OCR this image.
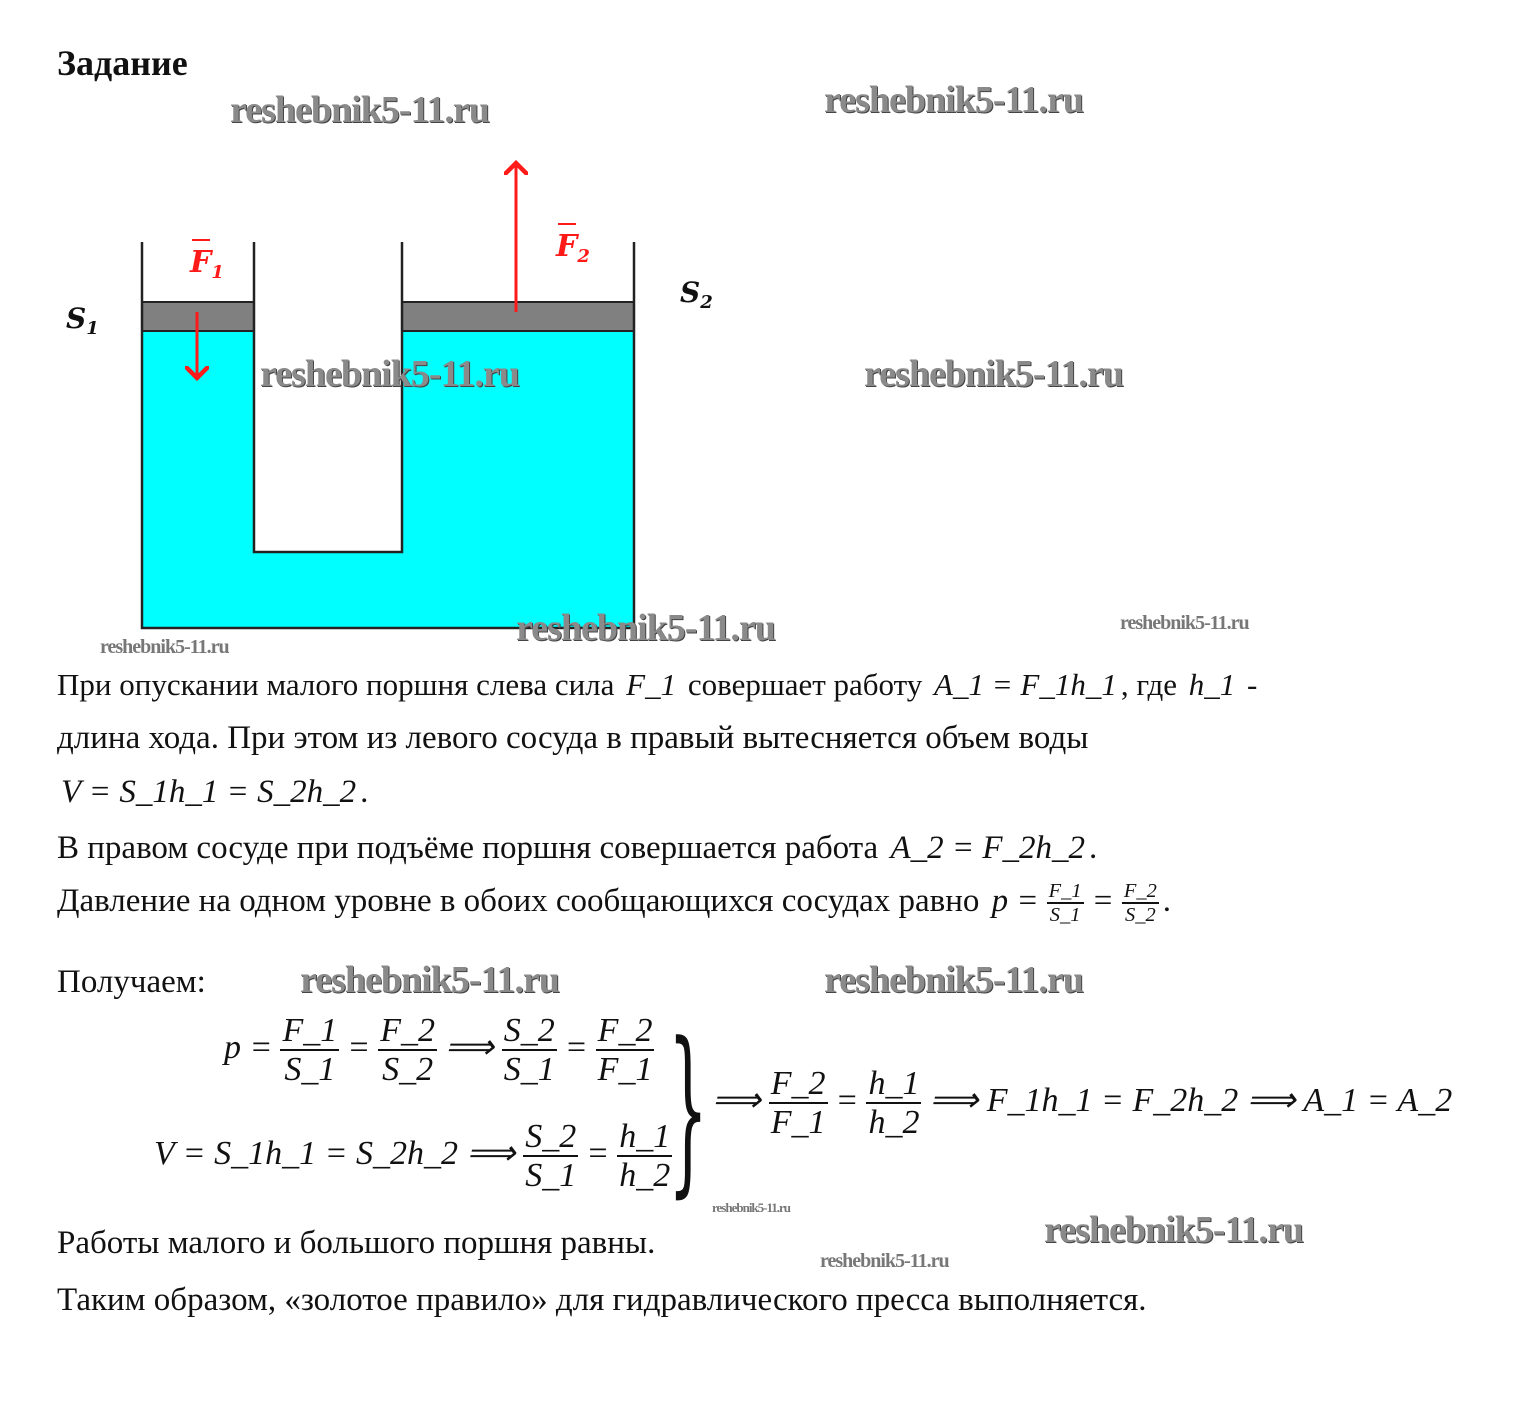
Задание
$F_1$
$F_2$
$S_1$
$S_2$
При опускании малого поршня слева сила F_1 совершает работу A_1 = F_1h_1 , где h_1 -
длина хода. При этом из левого сосуда в правый вытесняется объем воды
V = S_1h_1 = S_2h_2 .
В правом сосуде при подъёме поршня совершается работа A_2 = F_2h_2 .
Давление на одном уровне в обоих сообщающихся сосудах равно $p = \frac{F\_1}{S\_1} = \frac{F\_2}{S\_2}$ .
Получаем:
Работы малого и большого поршня равны.
Таким образом, «золотое правило» для гидравлического пресса выполняется.
$p = \frac{F\_1}{S\_1} = \frac{F\_2}{S\_2}$ ⟹ $\frac{S\_2}{S\_1} = \frac{F\_2}{F\_1}$
V = S_1h_1 = S_2h_2 ⟹ $\frac{S\_2}{S\_1} = \frac{h\_1}{h\_2}$
} ⟹ $\frac{F\_2}{F\_1} = \frac{h\_1}{h\_2}$ ⟹ F_1h_1 = F_2h_2 ⟹ A_1 = A_2
reshebnik5-11.ru	reshebnik5-11.ru
reshebnik5-11.ru	reshebnik5-11.ru
reshebnik5-11.ru	reshebnik5-11.ru
reshebnik5-11.ru
reshebnik5-11.ru	reshebnik5-11.ru
reshebnik5-11.ru
reshebnik5-11.ru
reshebnik5-11.ru
